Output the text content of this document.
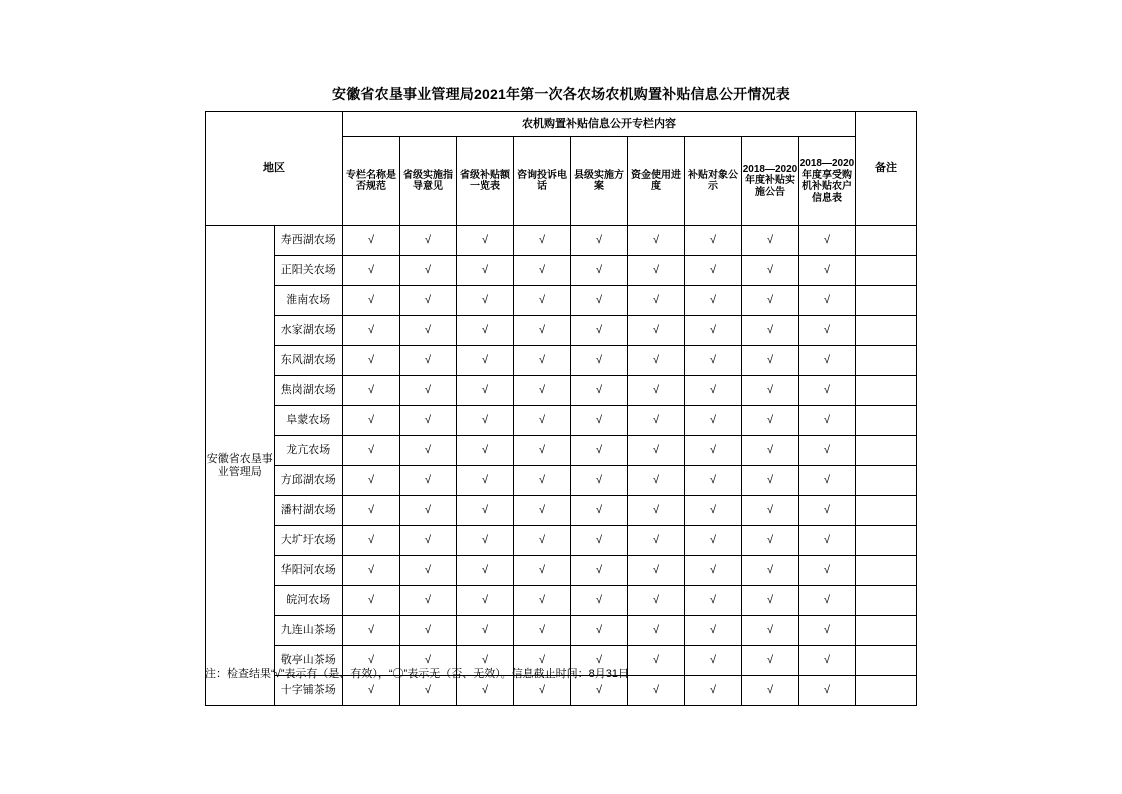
安徽省农垦事业管理局2021年第一次各农场农机购置补贴信息公开情况表
地区		农机购置补贴信息公开专栏内容									备注
		专栏名称是否规范	省级实施指导意见	省级补贴额一览表	咨询投诉电话	县级实施方案	资金使用进度	补贴对象公示	2018—2020年度补贴实施公告	2018—2020年度享受购机补贴农户信息表	
安徽省农垦事业管理局	寿西湖农场	√	√	√	√	√	√	√	√	√	
	正阳关农场	√	√	√	√	√	√	√	√	√	
	淮南农场	√	√	√	√	√	√	√	√	√	
	水家湖农场	√	√	√	√	√	√	√	√	√	
	东风湖农场	√	√	√	√	√	√	√	√	√	
	焦岗湖农场	√	√	√	√	√	√	√	√	√	
	阜蒙农场	√	√	√	√	√	√	√	√	√	
	龙亢农场	√	√	√	√	√	√	√	√	√	
	方邱湖农场	√	√	√	√	√	√	√	√	√	
	潘村湖农场	√	√	√	√	√	√	√	√	√	
	大圹圩农场	√	√	√	√	√	√	√	√	√	
	华阳河农场	√	√	√	√	√	√	√	√	√	
	皖河农场	√	√	√	√	√	√	√	√	√	
	九连山茶场	√	√	√	√	√	√	√	√	√	
	敬亭山茶场	√	√	√	√	√	√	√	√	√	
	十字铺茶场	√	√	√	√	√	√	√	√	√	
注：检查结果“√”表示有（是、有效），“〇”表示无（否、无效）。信息截止时间：8月31日
